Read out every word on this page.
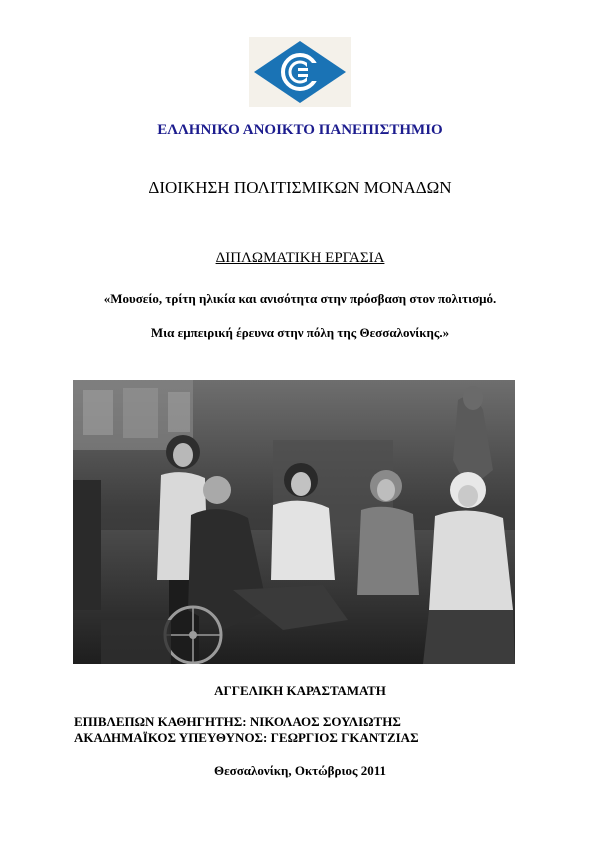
ΕΛΛΗΝΙΚΟ ΑΝΟΙΚΤΟ ΠΑΝΕΠΙΣΤΗΜΙΟ
ΔΙΟΙΚΗΣΗ ΠΟΛΙΤΙΣΜΙΚΩΝ ΜΟΝΑΔΩΝ
ΔΙΠΛΩΜΑΤΙΚΗ ΕΡΓΑΣΙΑ
«Μουσείο, τρίτη ηλικία και ανισότητα στην πρόσβαση στον πολιτισμό.
Μια εμπειρική έρευνα στην πόλη της Θεσσαλονίκης.»
ΑΓΓΕΛΙΚΗ ΚΑΡΑΣΤΑΜΑΤΗ
ΕΠΙΒΛΕΠΩΝ ΚΑΘΗΓΗΤΗΣ: ΝΙΚΟΛΑΟΣ ΣΟΥΛΙΩΤΗΣ
ΑΚΑΔΗΜΑΪΚΟΣ ΥΠΕΥΘΥΝΟΣ: ΓΕΩΡΓΙΟΣ ΓΚΑΝΤΖΙΑΣ
Θεσσαλονίκη, Οκτώβριος 2011
